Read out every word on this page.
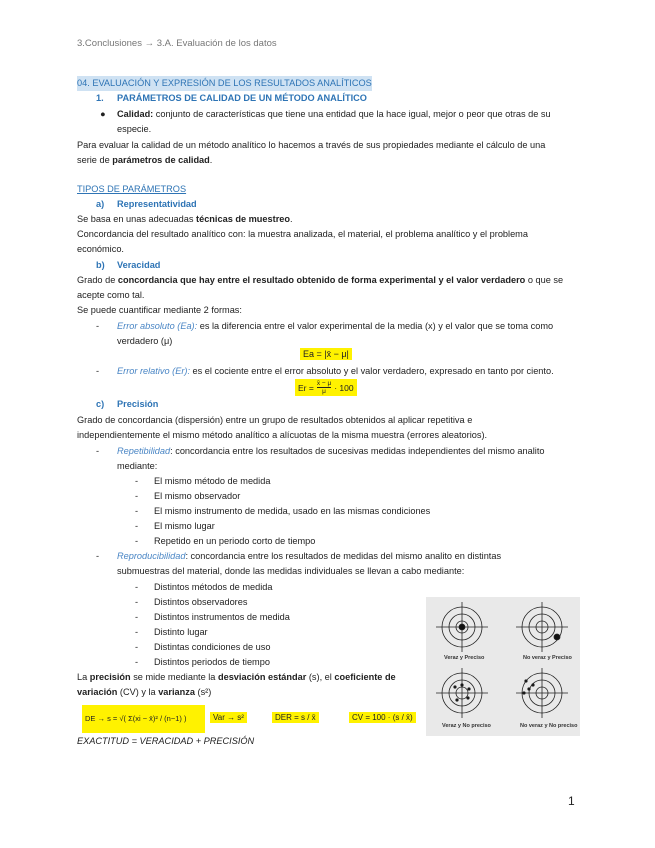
3.Conclusiones → 3.A. Evaluación de los datos
04. EVALUACIÓN Y EXPRESIÓN DE LOS RESULTADOS ANALÍTICOS
1. PARÁMETROS DE CALIDAD DE UN MÉTODO ANALÍTICO
● Calidad: conjunto de características que tiene una entidad que la hace igual, mejor o peor que otras de su
especie.
Para evaluar la calidad de un método analítico lo hacemos a través de sus propiedades mediante el cálculo de una
serie de parámetros de calidad.
TIPOS DE PARÁMETROS
a) Representatividad
Se basa en unas adecuadas técnicas de muestreo.
Concordancia del resultado analítico con: la muestra analizada, el material, el problema analítico y el problema
económico.
b) Veracidad
Grado de concordancia que hay entre el resultado obtenido de forma experimental y el valor verdadero o que se
acepte como tal.
Se puede cuantificar mediante 2 formas:
- Error absoluto (Ea): es la diferencia entre el valor experimental de la media (x) y el valor que se toma como
verdadero (μ)
Ea = |x̄ − μ|
- Error relativo (Er): es el cociente entre el error absoluto y el valor verdadero, expresado en tanto por ciento.
$Er = \frac{x̄ - \mu}{\mu} \cdot 100$
c) Precisión
Grado de concordancia (dispersión) entre un grupo de resultados obtenidos al aplicar repetitiva e
independientemente el mismo método analítico a alícuotas de la misma muestra (errores aleatorios).
- Repetibilidad: concordancia entre los resultados de sucesivas medidas independientes del mismo analito
mediante:
- El mismo método de medida
- El mismo observador
- El mismo instrumento de medida, usado en las mismas condiciones
- El mismo lugar
- Repetido en un periodo corto de tiempo
- Reproducibilidad: concordancia entre los resultados de medidas del mismo analito en distintas
submuestras del material, donde las medidas individuales se llevan a cabo mediante:
- Distintos métodos de medida
- Distintos observadores
- Distintos instrumentos de medida
- Distinto lugar
- Distintas condiciones de uso
- Distintos periodos de tiempo
La precisión se mide mediante la desviación estándar (s), el coeficiente de
variación (CV) y la varianza (s²)
DE → s = √( Σ(xi − x̄)² / (n−1) )	Var → s²	DER = s / x̄	CV = 100 · (s / x̄)
EXACTITUD = VERACIDAD + PRECISIÓN
Veraz y Preciso	No veraz y Preciso
Veraz y No preciso	No veraz y No preciso
1
